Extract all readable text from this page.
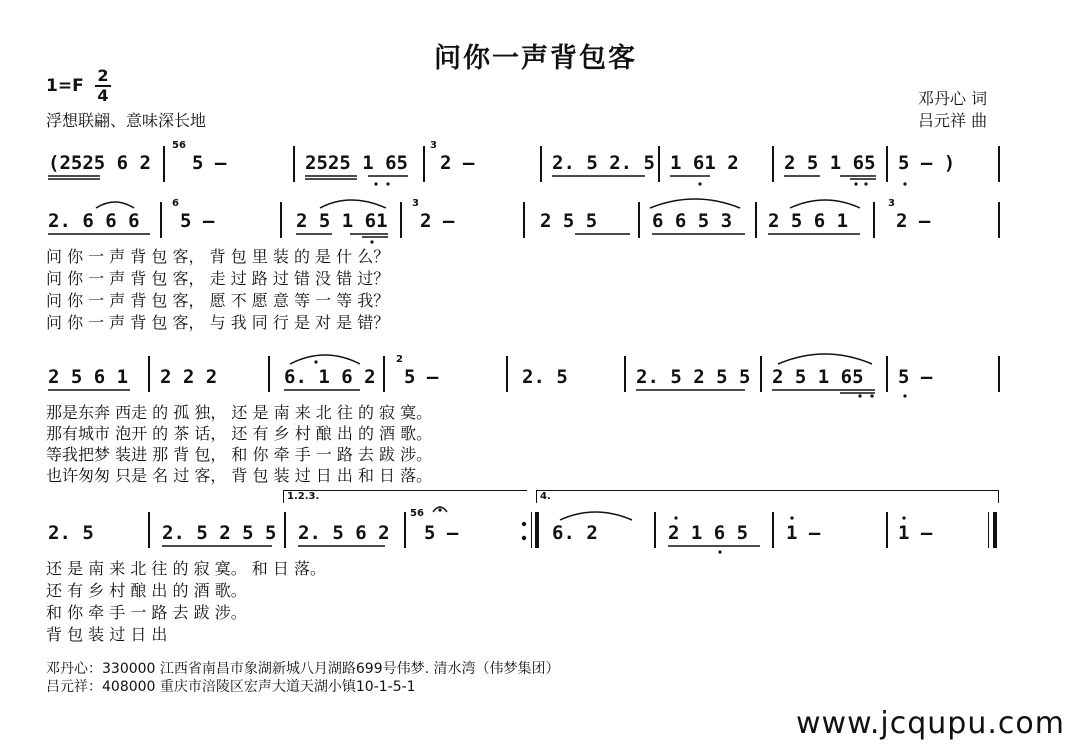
问你一声背包客
1=F
2
4
浮想联翩、意味深长地
邓丹心 词
吕元祥 曲
(2525 6 2
56
5 –	2525 1 65
3
2 –	2. 5 2. 5 1 61 2 2 5 1 65 5 – )
2. 6 6 6
6
5 –	2 5 1 61
3
2 –	2 5 5	6 6 5 3 2 5 6 1
3
2 –
问 你 一 声 背 包 客， 背 包 里 装 的 是 什 么？
问 你 一 声 背 包 客， 走 过 路 过 错 没 错 过？
问 你 一 声 背 包 客， 愿 不 愿 意 等 一 等 我？
问 你 一 声 背 包 客， 与 我 同 行 是 对 是 错？
2 5 6 1 2 2 2	6. 1 6 2
2
5 –	2. 5	2. 5 2 5 5 2 5 1 65 5 –
那是东奔 西走 的 孤 独， 还 是 南 来 北 往 的 寂 寞。
那有城市 泡开 的 茶 话， 还 有 乡 村 酿 出 的 酒 歌。
等我把梦 装进 那 背 包， 和 你 牵 手 一 路 去 跋 涉。
也许匆匆 只是 名 过 客， 背 包 装 过 日 出 和 日 落。
1.2.3.	4.
2. 5	2. 5 2 5 5 2. 5 6 2
56
5 –	6. 2	2 1 6 5 1 –	1 –
还 是 南 来 北 往 的 寂 寞。 和 日 落。
还 有 乡 村 酿 出 的 酒 歌。
和 你 牵 手 一 路 去 跋 涉。
背 包 装 过 日 出
邓丹心：330000 江西省南昌市象湖新城八月湖路699号伟梦. 清水湾（伟梦集团）
吕元祥：408000 重庆市涪陵区宏声大道天湖小镇10-1-5-1
www.jcqupu.com
